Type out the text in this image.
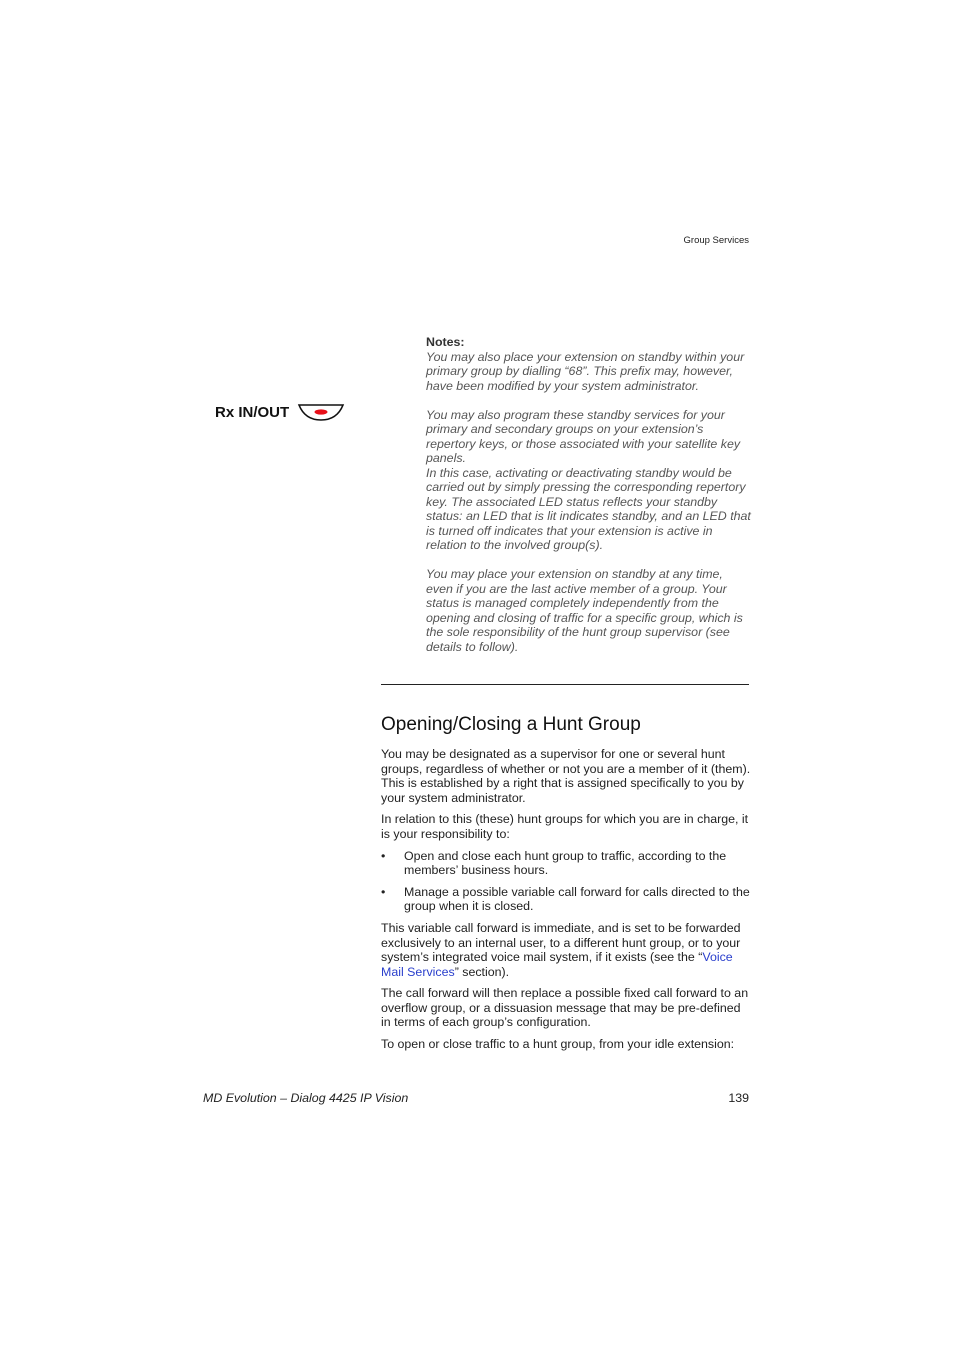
Group Services
Rx IN/OUT
Notes:

You may also place your extension on standby within your primary group by dialling “68”. This prefix may, however, have been modified by your system administrator.

You may also program these standby services for your primary and secondary groups on your extension’s repertory keys, or those associated with your satellite key panels.

In this case, activating or deactivating standby would be carried out by simply pressing the corresponding repertory key. The associated LED status reflects your standby status: an LED that is lit indicates standby, and an LED that is turned off indicates that your extension is active in relation to the involved group(s).

You may place your extension on standby at any time, even if you are the last active member of a group. Your status is managed completely independently from the opening and closing of traffic for a specific group, which is the sole responsibility of the hunt group supervisor (see details to follow).

Opening/Closing a Hunt Group

You may be designated as a supervisor for one or several hunt groups, regardless of whether or not you are a member of it (them). This is established by a right that is assigned specifically to you by your system administrator.

In relation to this (these) hunt groups for which you are in charge, it is your responsibility to:

• Open and close each hunt group to traffic, according to the members’ business hours.
• Manage a possible variable call forward for calls directed to the group when it is closed.

This variable call forward is immediate, and is set to be forwarded exclusively to an internal user, to a different hunt group, or to your system’s integrated voice mail system, if it exists (see the “Voice Mail Services” section).

The call forward will then replace a possible fixed call forward to an overflow group, or a dissuasion message that may be pre-defined in terms of each group’s configuration.

To open or close traffic to a hunt group, from your idle extension:

MD Evolution – Dialog 4425 IP Vision	139
